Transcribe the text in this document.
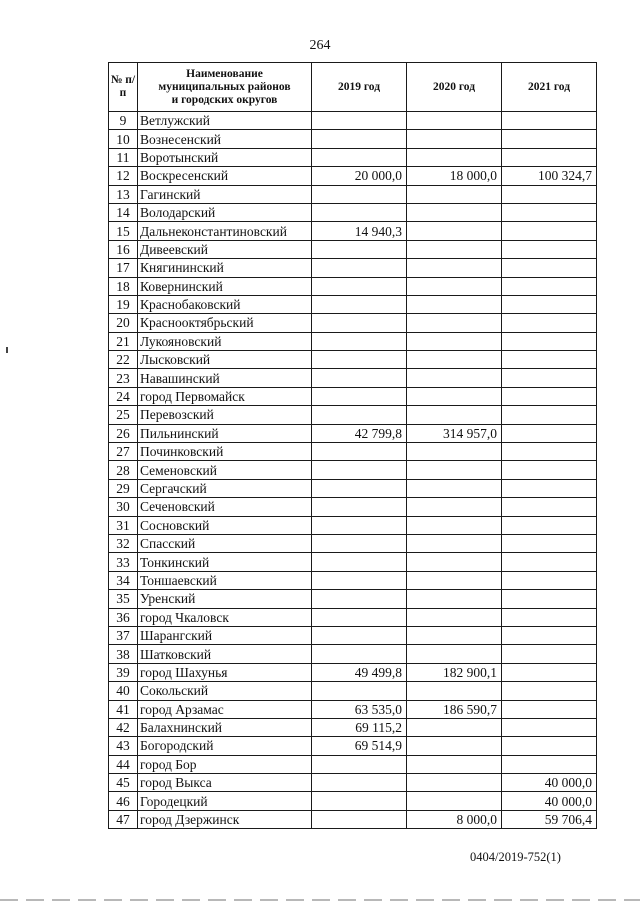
264
№ п/п	Наименование
муниципальных районов
и городских округов	2019 год	2020 год	2021 год
9	Ветлужский			
10	Вознесенский			
11	Воротынский			
12	Воскресенский	20 000,0	18 000,0	100 324,7
13	Гагинский			
14	Володарский			
15	Дальнеконстантиновский	14 940,3		
16	Дивеевский			
17	Княгининский			
18	Ковернинский			
19	Краснобаковский			
20	Краснооктябрьский			
21	Лукояновский			
22	Лысковский			
23	Навашинский			
24	город Первомайск			
25	Перевозский			
26	Пильнинский	42 799,8	314 957,0	
27	Починковский			
28	Семеновский			
29	Сергачский			
30	Сеченовский			
31	Сосновский			
32	Спасский			
33	Тонкинский			
34	Тоншаевский			
35	Уренский			
36	город Чкаловск			
37	Шарангский			
38	Шатковский			
39	город Шахунья	49 499,8	182 900,1	
40	Сокольский			
41	город Арзамас	63 535,0	186 590,7	
42	Балахнинский	69 115,2		
43	Богородский	69 514,9		
44	город Бор			
45	город Выкса			40 000,0
46	Городецкий			40 000,0
47	город Дзержинск		8 000,0	59 706,4
0404/2019-752(1)
